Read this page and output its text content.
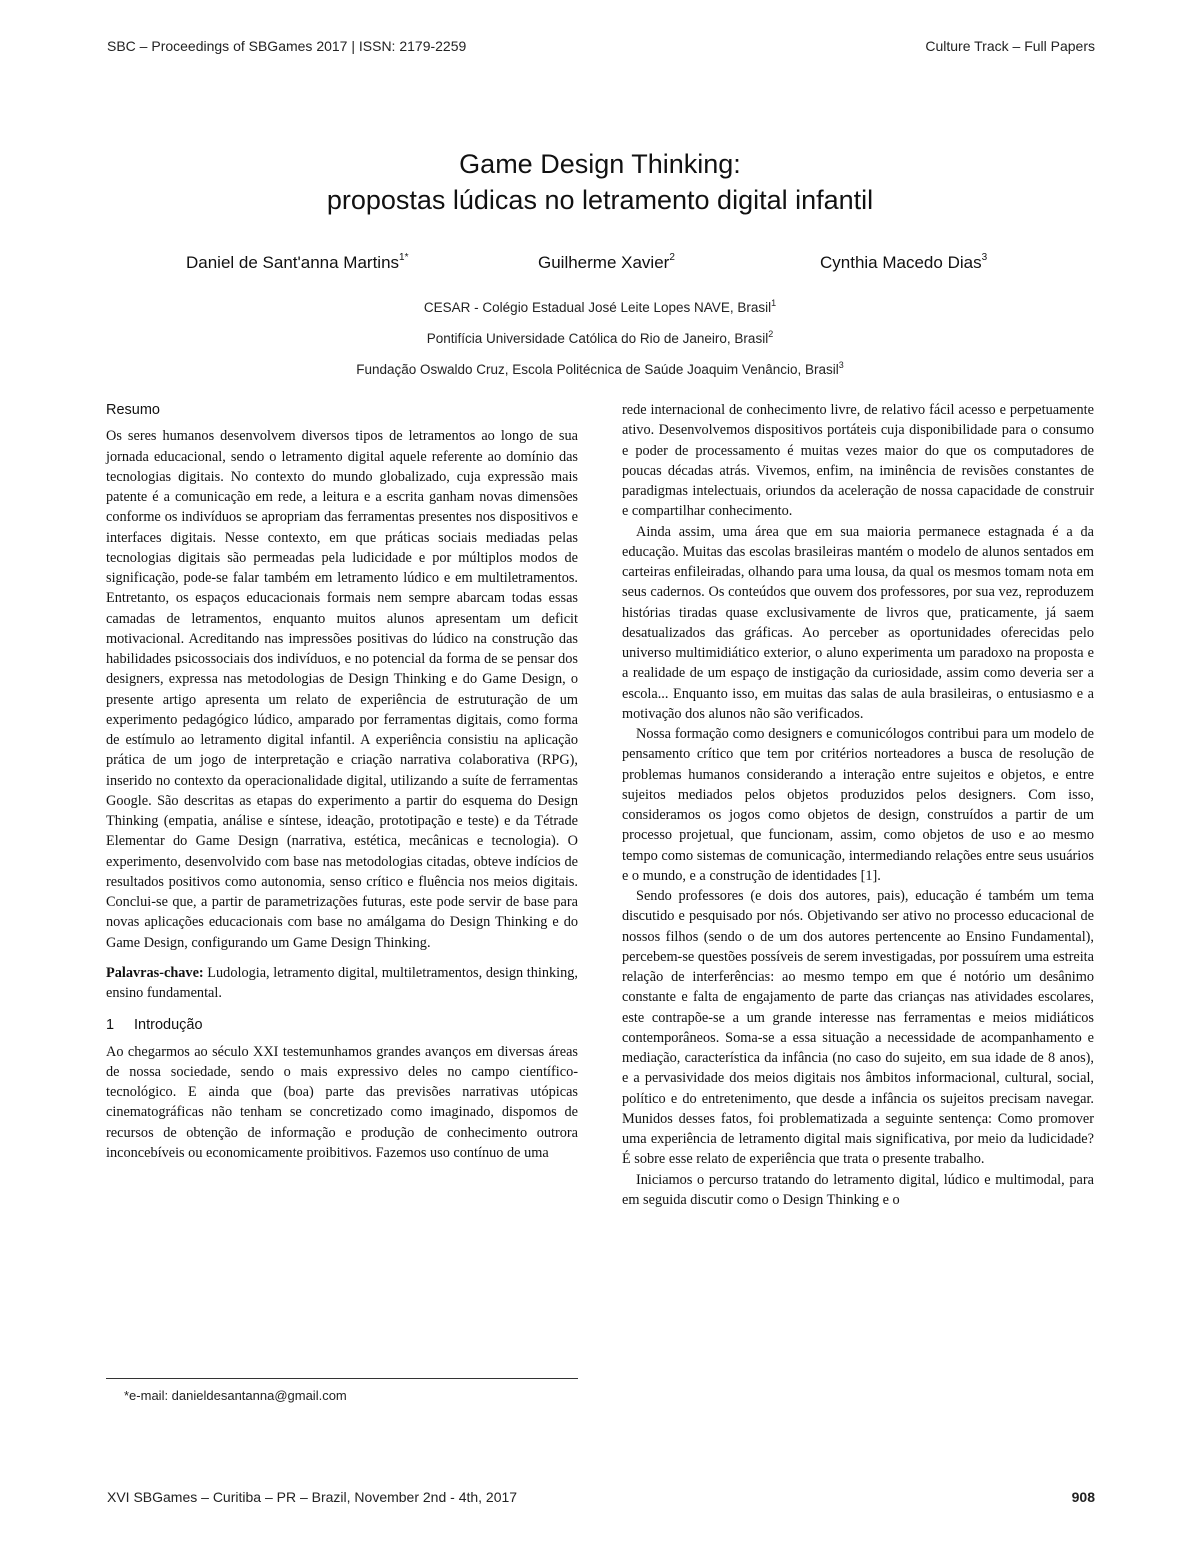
SBC – Proceedings of SBGames 2017 | ISSN: 2179-2259	Culture Track – Full Papers
Game Design Thinking:
propostas lúdicas no letramento digital infantil
Daniel de Sant'anna Martins$^{1*}$	Guilherme Xavier$^2$	Cynthia Macedo Dias$^3$
CESAR - Colégio Estadual José Leite Lopes NAVE, Brasil$^1$
Pontifícia Universidade Católica do Rio de Janeiro, Brasil$^2$
Fundação Oswaldo Cruz, Escola Politécnica de Saúde Joaquim Venâncio, Brasil$^3$
Resumo

Os seres humanos desenvolvem diversos tipos de letramentos ao longo de sua jornada educacional, sendo o letramento digital aquele referente ao domínio das tecnologias digitais. No contexto do mundo globalizado, cuja expressão mais patente é a comunicação em rede, a leitura e a escrita ganham novas dimensões conforme os indivíduos se apropriam das ferramentas presentes nos dispositivos e interfaces digitais. Nesse contexto, em que práticas sociais mediadas pelas tecnologias digitais são permeadas pela ludicidade e por múltiplos modos de significação, pode-se falar também em letramento lúdico e em multiletramentos. Entretanto, os espaços educacionais formais nem sempre abarcam todas essas camadas de letramentos, enquanto muitos alunos apresentam um deficit motivacional. Acreditando nas impressões positivas do lúdico na construção das habilidades psicossociais dos indivíduos, e no potencial da forma de se pensar dos designers, expressa nas metodologias de Design Thinking e do Game Design, o presente artigo apresenta um relato de experiência de estruturação de um experimento pedagógico lúdico, amparado por ferramentas digitais, como forma de estímulo ao letramento digital infantil. A experiência consistiu na aplicação prática de um jogo de interpretação e criação narrativa colaborativa (RPG), inserido no contexto da operacionalidade digital, utilizando a suíte de ferramentas Google. São descritas as etapas do experimento a partir do esquema do Design Thinking (empatia, análise e síntese, ideação, prototipação e teste) e da Tétrade Elementar do Game Design (narrativa, estética, mecânicas e tecnologia). O experimento, desenvolvido com base nas metodologias citadas, obteve indícios de resultados positivos como autonomia, senso crítico e fluência nos meios digitais. Conclui-se que, a partir de parametrizações futuras, este pode servir de base para novas aplicações educacionais com base no amálgama do Design Thinking e do Game Design, configurando um Game Design Thinking.

Palavras-chave: Ludologia, letramento digital, multiletramentos, design thinking, ensino fundamental.

1 Introdução

Ao chegarmos ao século XXI testemunhamos grandes avanços em diversas áreas de nossa sociedade, sendo o mais expressivo deles no campo científico-tecnológico. E ainda que (boa) parte das previsões narrativas utópicas cinematográficas não tenham se concretizado como imaginado, dispomos de recursos de obtenção de informação e produção de conhecimento outrora inconcebíveis ou economicamente proibitivos. Fazemos uso contínuo de uma

rede internacional de conhecimento livre, de relativo fácil acesso e perpetuamente ativo. Desenvolvemos dispositivos portáteis cuja disponibilidade para o consumo e poder de processamento é muitas vezes maior do que os computadores de poucas décadas atrás. Vivemos, enfim, na iminência de revisões constantes de paradigmas intelectuais, oriundos da aceleração de nossa capacidade de construir e compartilhar conhecimento.

Ainda assim, uma área que em sua maioria permanece estagnada é a da educação. Muitas das escolas brasileiras mantém o modelo de alunos sentados em carteiras enfileiradas, olhando para uma lousa, da qual os mesmos tomam nota em seus cadernos. Os conteúdos que ouvem dos professores, por sua vez, reproduzem histórias tiradas quase exclusivamente de livros que, praticamente, já saem desatualizados das gráficas. Ao perceber as oportunidades oferecidas pelo universo multimidiático exterior, o aluno experimenta um paradoxo na proposta e a realidade de um espaço de instigação da curiosidade, assim como deveria ser a escola... Enquanto isso, em muitas das salas de aula brasileiras, o entusiasmo e a motivação dos alunos não são verificados.

Nossa formação como designers e comunicólogos contribui para um modelo de pensamento crítico que tem por critérios norteadores a busca de resolução de problemas humanos considerando a interação entre sujeitos e objetos, e entre sujeitos mediados pelos objetos produzidos pelos designers. Com isso, consideramos os jogos como objetos de design, construídos a partir de um processo projetual, que funcionam, assim, como objetos de uso e ao mesmo tempo como sistemas de comunicação, intermediando relações entre seus usuários e o mundo, e a construção de identidades [1].

Sendo professores (e dois dos autores, pais), educação é também um tema discutido e pesquisado por nós. Objetivando ser ativo no processo educacional de nossos filhos (sendo o de um dos autores pertencente ao Ensino Fundamental), percebem-se questões possíveis de serem investigadas, por possuírem uma estreita relação de interferências: ao mesmo tempo em que é notório um desânimo constante e falta de engajamento de parte das crianças nas atividades escolares, este contrapõe-se a um grande interesse nas ferramentas e meios midiáticos contemporâneos. Soma-se a essa situação a necessidade de acompanhamento e mediação, característica da infância (no caso do sujeito, em sua idade de 8 anos), e a pervasividade dos meios digitais nos âmbitos informacional, cultural, social, político e do entretenimento, que desde a infância os sujeitos precisam navegar. Munidos desses fatos, foi problematizada a seguinte sentença: Como promover uma experiência de letramento digital mais significativa, por meio da ludicidade? É sobre esse relato de experiência que trata o presente trabalho.

Iniciamos o percurso tratando do letramento digital, lúdico e multimodal, para em seguida discutir como o Design Thinking e o

*e-mail: danieldesantanna@gmail.com
XVI SBGames – Curitiba – PR – Brazil, November 2nd - 4th, 2017	908
